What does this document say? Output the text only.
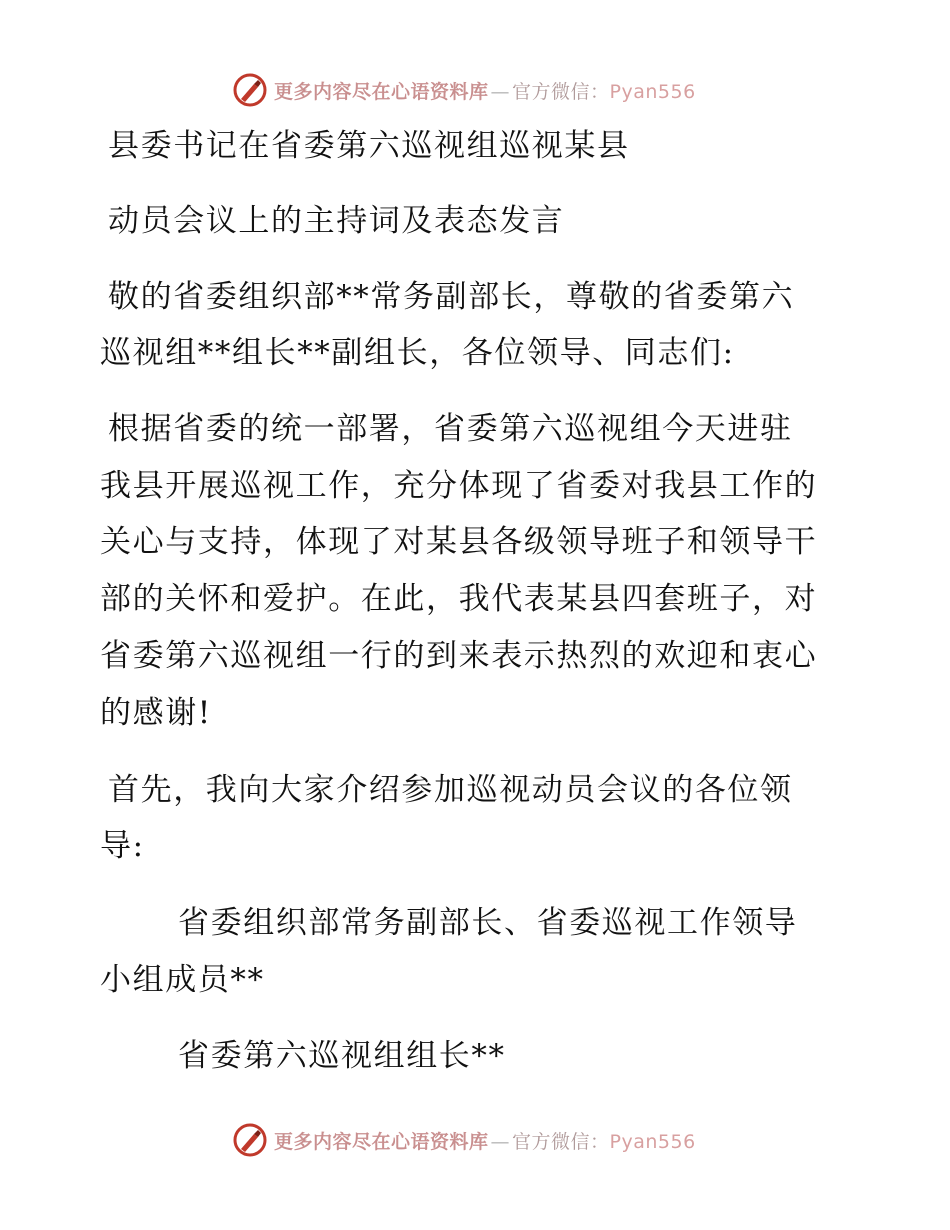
更多内容尽在心语资料库 — 官方微信： Pyan556
县委书记在省委第六巡视组巡视某县
动员会议上的主持词及表态发言
敬的省委组织部**常务副部长，尊敬的省委第六
巡视组**组长**副组长，各位领导、同志们:
根据省委的统一部署，省委第六巡视组今天进驻
我县开展巡视工作，充分体现了省委对我县工作的
关心与支持，体现了对某县各级领导班子和领导干
部的关怀和爱护。在此，我代表某县四套班子，对
省委第六巡视组一行的到来表示热烈的欢迎和衷心
的感谢!
首先，我向大家介绍参加巡视动员会议的各位领
导:
省委组织部常务副部长、省委巡视工作领导
小组成员**
省委第六巡视组组长**
更多内容尽在心语资料库 — 官方微信： Pyan556
